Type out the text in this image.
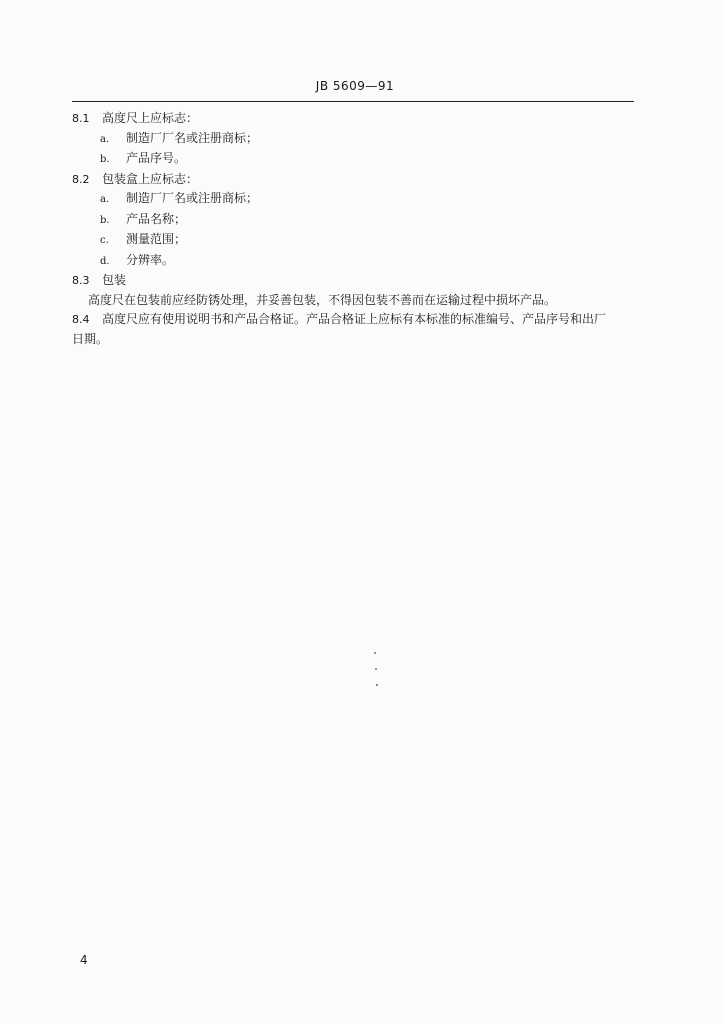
JB 5609—91
8.1 高度尺上应标志：
a. 制造厂厂名或注册商标；
b. 产品序号。
8.2 包装盒上应标志：
a. 制造厂厂名或注册商标；
b. 产品名称；
c. 测量范围；
d. 分辨率。
8.3 包装
高度尺在包装前应经防锈处理，并妥善包装，不得因包装不善而在运输过程中损坏产品。
8.4 高度尺应有使用说明书和产品合格证。产品合格证上应标有本标准的标准编号、产品序号和出厂
日期。
4
